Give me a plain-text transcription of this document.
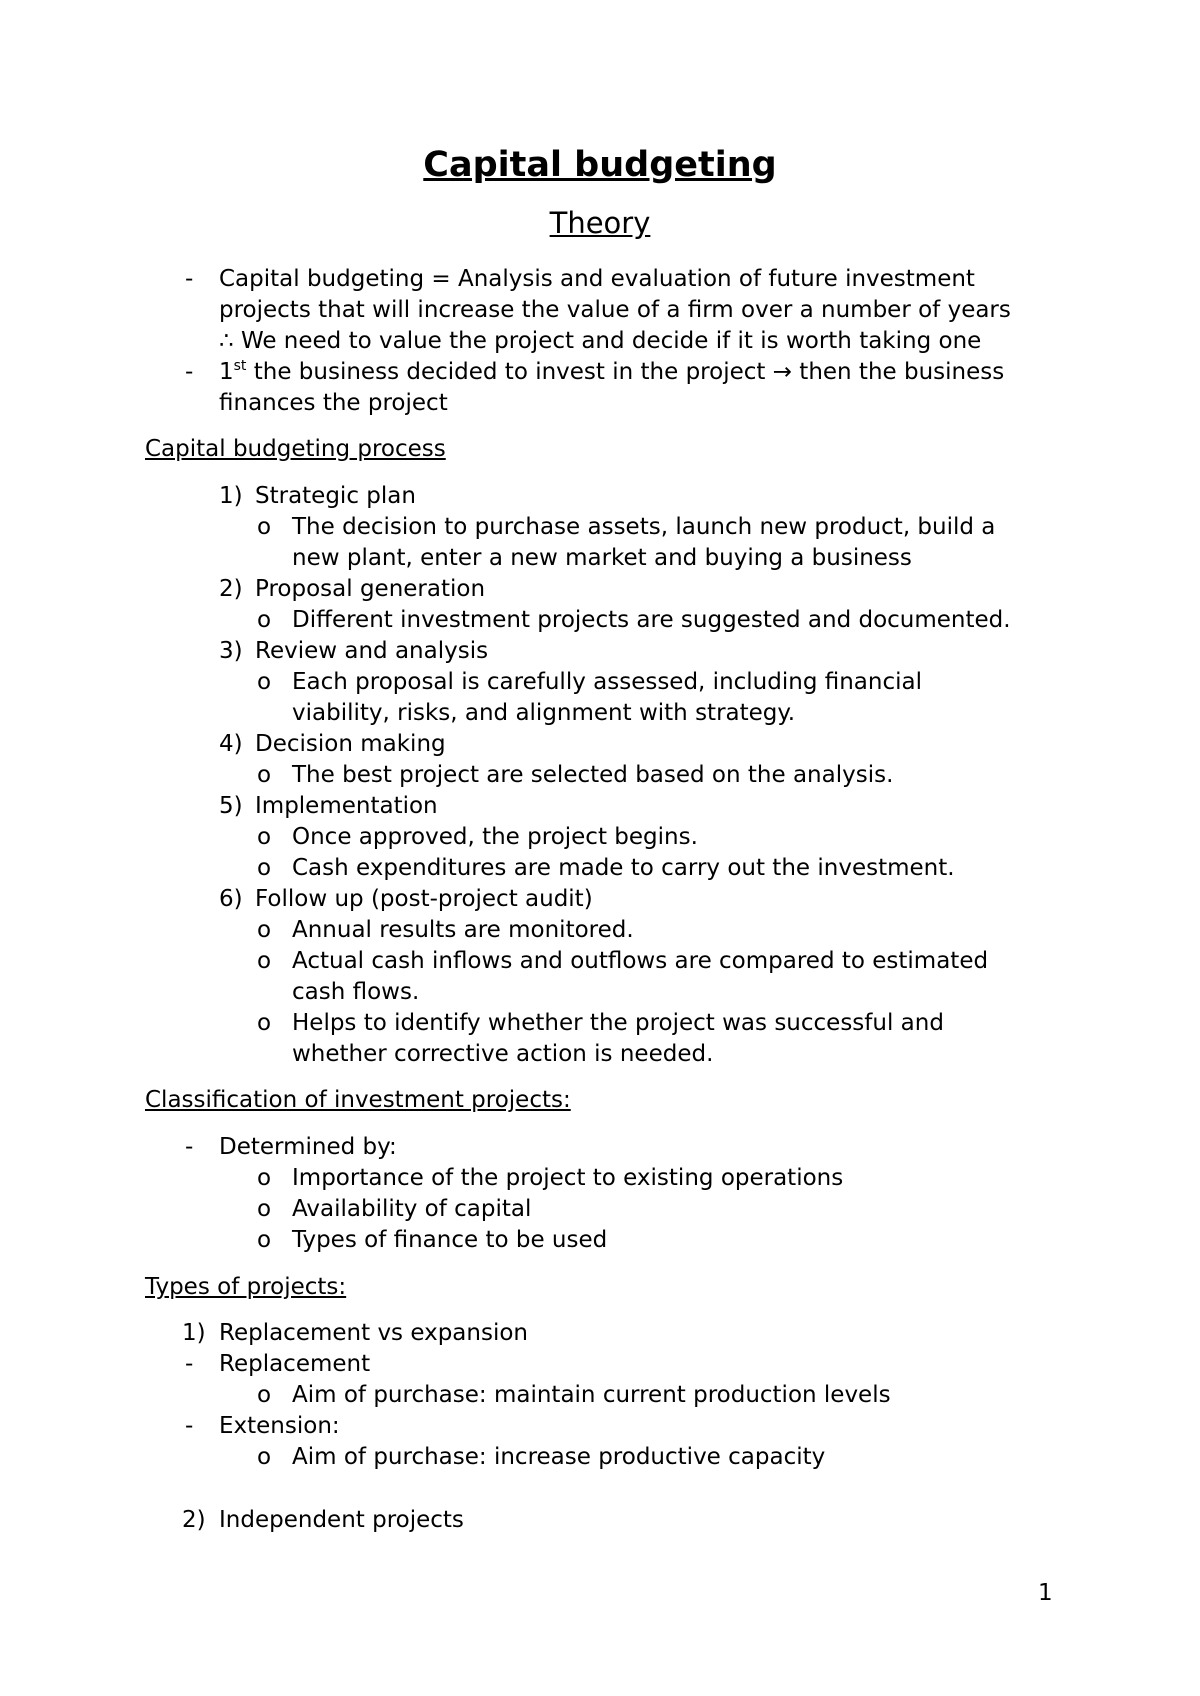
Capital budgeting
Theory
- Capital budgeting = Analysis and evaluation of future investment
projects that will increase the value of a firm over a number of years
∴ We need to value the project and decide if it is worth taking one
- 1st the business decided to invest in the project → then the business
finances the project
Capital budgeting process
1) Strategic plan
o The decision to purchase assets, launch new product, build a
new plant, enter a new market and buying a business
2) Proposal generation
o Different investment projects are suggested and documented.
3) Review and analysis
o Each proposal is carefully assessed, including financial
viability, risks, and alignment with strategy.
4) Decision making
o The best project are selected based on the analysis.
5) Implementation
o Once approved, the project begins.
o Cash expenditures are made to carry out the investment.
6) Follow up (post-project audit)
o Annual results are monitored.
o Actual cash inflows and outflows are compared to estimated
cash flows.
o Helps to identify whether the project was successful and
whether corrective action is needed.
Classification of investment projects:
- Determined by:
o Importance of the project to existing operations
o Availability of capital
o Types of finance to be used
Types of projects:
1) Replacement vs expansion
- Replacement
o Aim of purchase: maintain current production levels
- Extension:
o Aim of purchase: increase productive capacity
2) Independent projects
1
